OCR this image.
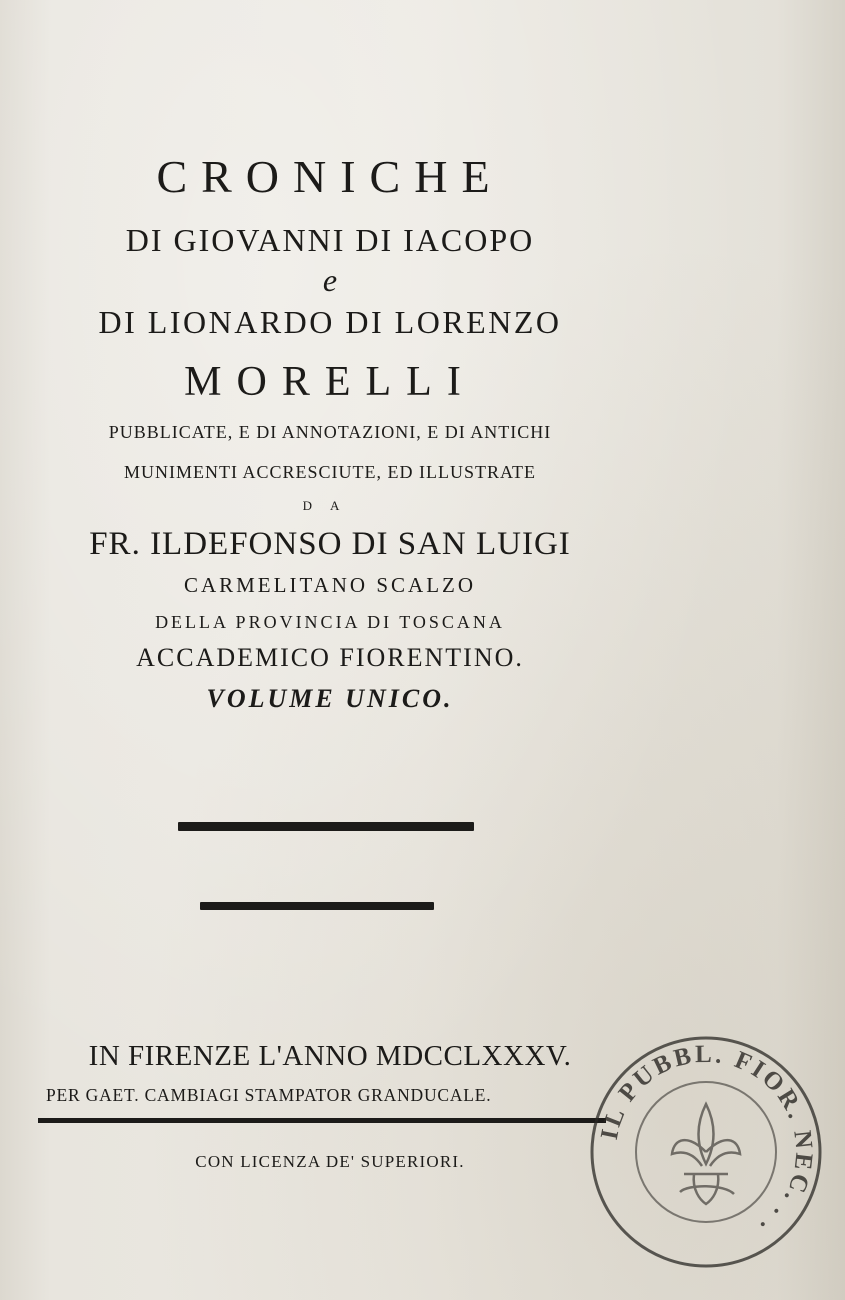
CRONICHE
DI GIOVANNI DI IACOPO
e
DI LIONARDO DI LORENZO
MORELLI
PUBBLICATE, E DI ANNOTAZIONI, E DI ANTICHI
MUNIMENTI ACCRESCIUTE, ED ILLUSTRATE
DA
FR. ILDEFONSO DI SAN LUIGI
CARMELITANO SCALZO
DELLA PROVINCIA DI TOSCANA
ACCADEMICO FIORENTINO.
VOLUME UNICO.
IN FIRENZE L'ANNO MDCCLXXXV.
PER GAET. CAMBIAGI STAMPATOR GRANDUCALE.
CON LICENZA DE' SUPERIORI.
IL PUBBL. FIOR. NEC. . .
